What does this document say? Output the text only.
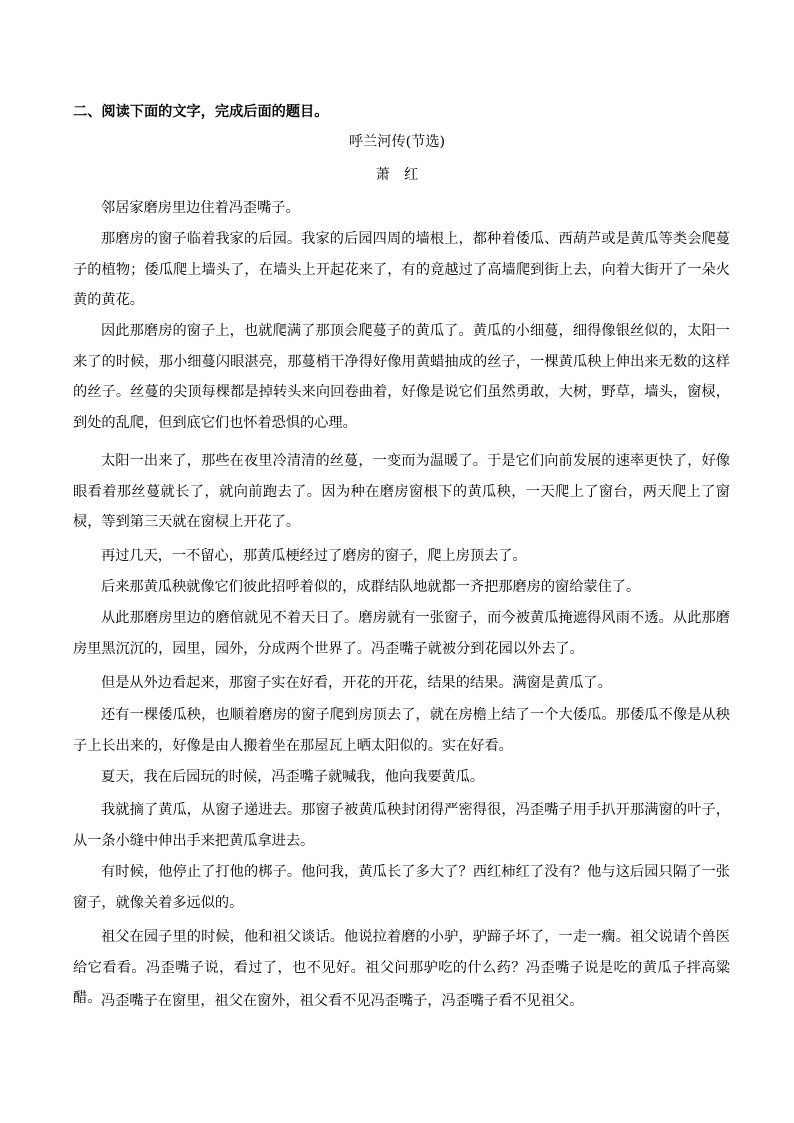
二、阅读下面的文字，完成后面的题目。
呼兰河传(节选)
萧红

邻居家磨房里边住着冯歪嘴子。

那磨房的窗子临着我家的后园。我家的后园四周的墙根上，都种着倭瓜、西葫芦或是黄瓜等类会爬蔓子的植物；倭瓜爬上墙头了，在墙头上开起花来了，有的竟越过了高墙爬到街上去，向着大街开了一朵火黄的黄花。

因此那磨房的窗子上，也就爬满了那顶会爬蔓子的黄瓜了。黄瓜的小细蔓，细得像银丝似的，太阳一来了的时候，那小细蔓闪眼湛亮，那蔓梢干净得好像用黄蜡抽成的丝子，一棵黄瓜秧上伸出来无数的这样的丝子。丝蔓的尖顶每棵都是掉转头来向回卷曲着，好像是说它们虽然勇敢，大树，野草，墙头，窗棂，到处的乱爬，但到底它们也怀着恐惧的心理。

太阳一出来了，那些在夜里冷清清的丝蔓，一变而为温暖了。于是它们向前发展的速率更快了，好像眼看着那丝蔓就长了，就向前跑去了。因为种在磨房窗根下的黄瓜秧，一天爬上了窗台，两天爬上了窗棂，等到第三天就在窗棂上开花了。

再过几天，一不留心，那黄瓜梗经过了磨房的窗子，爬上房顶去了。

后来那黄瓜秧就像它们彼此招呼着似的，成群结队地就都一齐把那磨房的窗给蒙住了。

从此那磨房里边的磨倌就见不着天日了。磨房就有一张窗子，而今被黄瓜掩遮得风雨不透。从此那磨房里黑沉沉的，园里，园外，分成两个世界了。冯歪嘴子就被分到花园以外去了。

但是从外边看起来，那窗子实在好看，开花的开花，结果的结果。满窗是黄瓜了。

还有一棵倭瓜秧，也顺着磨房的窗子爬到房顶去了，就在房檐上结了一个大倭瓜。那倭瓜不像是从秧子上长出来的，好像是由人搬着坐在那屋瓦上晒太阳似的。实在好看。

夏天，我在后园玩的时候，冯歪嘴子就喊我，他向我要黄瓜。

我就摘了黄瓜，从窗子递进去。那窗子被黄瓜秧封闭得严密得很，冯歪嘴子用手扒开那满窗的叶子，从一条小缝中伸出手来把黄瓜拿进去。

有时候，他停止了打他的梆子。他问我，黄瓜长了多大了？西红柿红了没有？他与这后园只隔了一张窗子，就像关着多远似的。

祖父在园子里的时候，他和祖父谈话。他说拉着磨的小驴，驴蹄子坏了，一走一瘸。祖父说请个兽医给它看看。冯歪嘴子说，看过了，也不见好。祖父问那驴吃的什么药？冯歪嘴子说是吃的黄瓜子拌高粱醋。 冯歪嘴子在窗里，祖父在窗外，祖父看不见冯歪嘴子，冯歪嘴子看不见祖父。
